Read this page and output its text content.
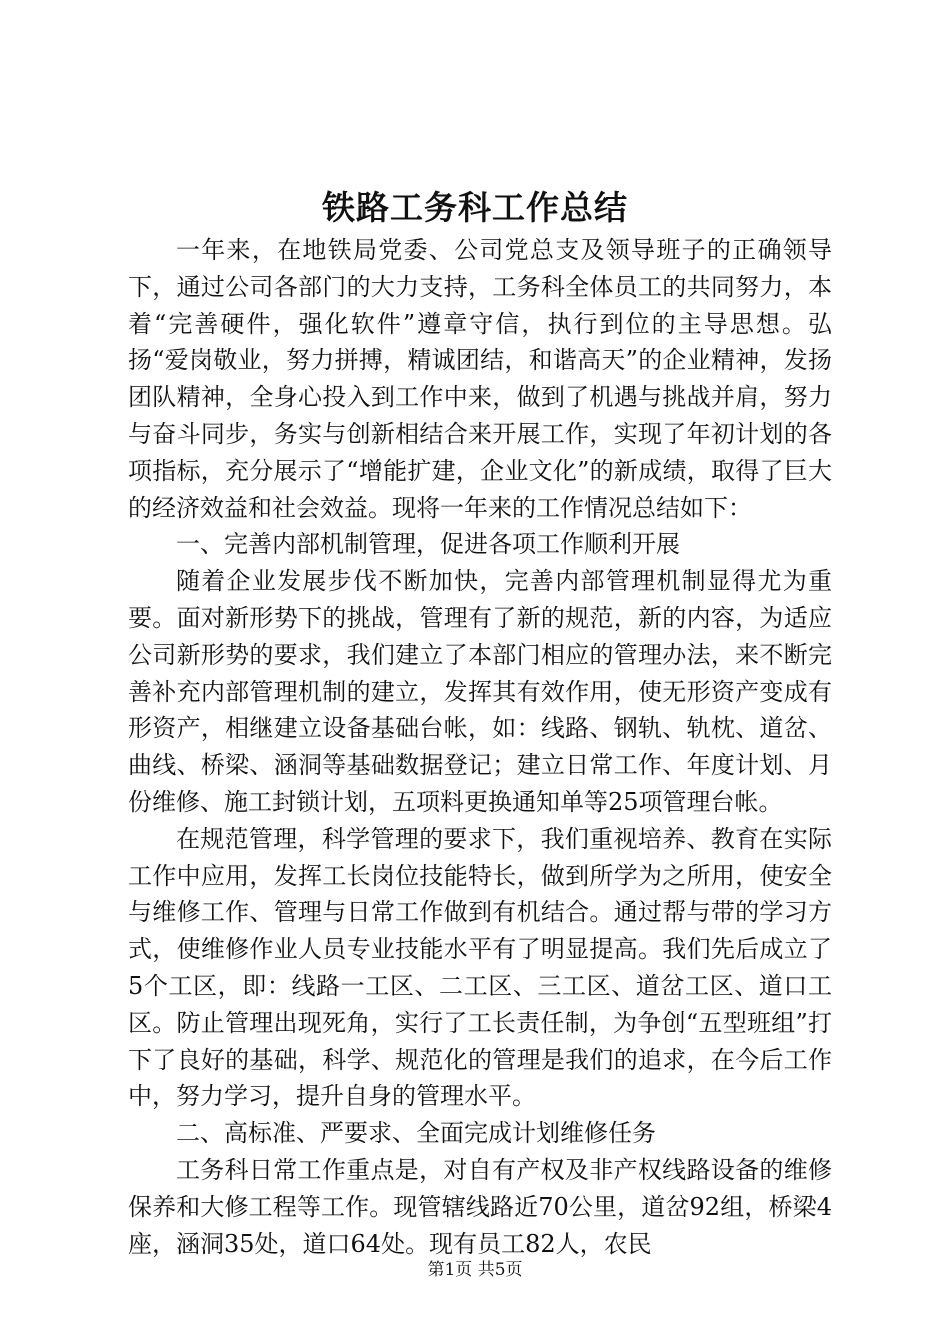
铁路工务科工作总结

一年来，在地铁局党委、公司党总支及领导班子的正确领导下，通过公司各部门的大力支持，工务科全体员工的共同努力，本着“完善硬件，强化软件”遵章守信，执行到位的主导思想。弘扬“爱岗敬业，努力拼搏，精诚团结，和谐高天”的企业精神，发扬团队精神，全身心投入到工作中来，做到了机遇与挑战并肩，努力与奋斗同步，务实与创新相结合来开展工作，实现了年初计划的各项指标，充分展示了“增能扩建，企业文化”的新成绩，取得了巨大的经济效益和社会效益。现将一年来的工作情况总结如下：

一、完善内部机制管理，促进各项工作顺利开展

随着企业发展步伐不断加快，完善内部管理机制显得尤为重要。面对新形势下的挑战，管理有了新的规范，新的内容，为适应公司新形势的要求，我们建立了本部门相应的管理办法，来不断完善补充内部管理机制的建立，发挥其有效作用，使无形资产变成有形资产，相继建立设备基础台帐，如：线路、钢轨、轨枕、道岔、曲线、桥梁、涵洞等基础数据登记；建立日常工作、年度计划、月份维修、施工封锁计划，五项料更换通知单等25项管理台帐。

在规范管理，科学管理的要求下，我们重视培养、教育在实际工作中应用，发挥工长岗位技能特长，做到所学为之所用，使安全与维修工作、管理与日常工作做到有机结合。通过帮与带的学习方式，使维修作业人员专业技能水平有了明显提高。我们先后成立了5个工区，即：线路一工区、二工区、三工区、道岔工区、道口工区。防止管理出现死角，实行了工长责任制，为争创“五型班组”打下了良好的基础，科学、规范化的管理是我们的追求，在今后工作中，努力学习，提升自身的管理水平。

二、高标准、严要求、全面完成计划维修任务

工务科日常工作重点是，对自有产权及非产权线路设备的维修保养和大修工程等工作。现管辖线路近70公里，道岔92组，桥梁4座，涵洞35处，道口64处。现有员工82人，农民

第1页 共5页
